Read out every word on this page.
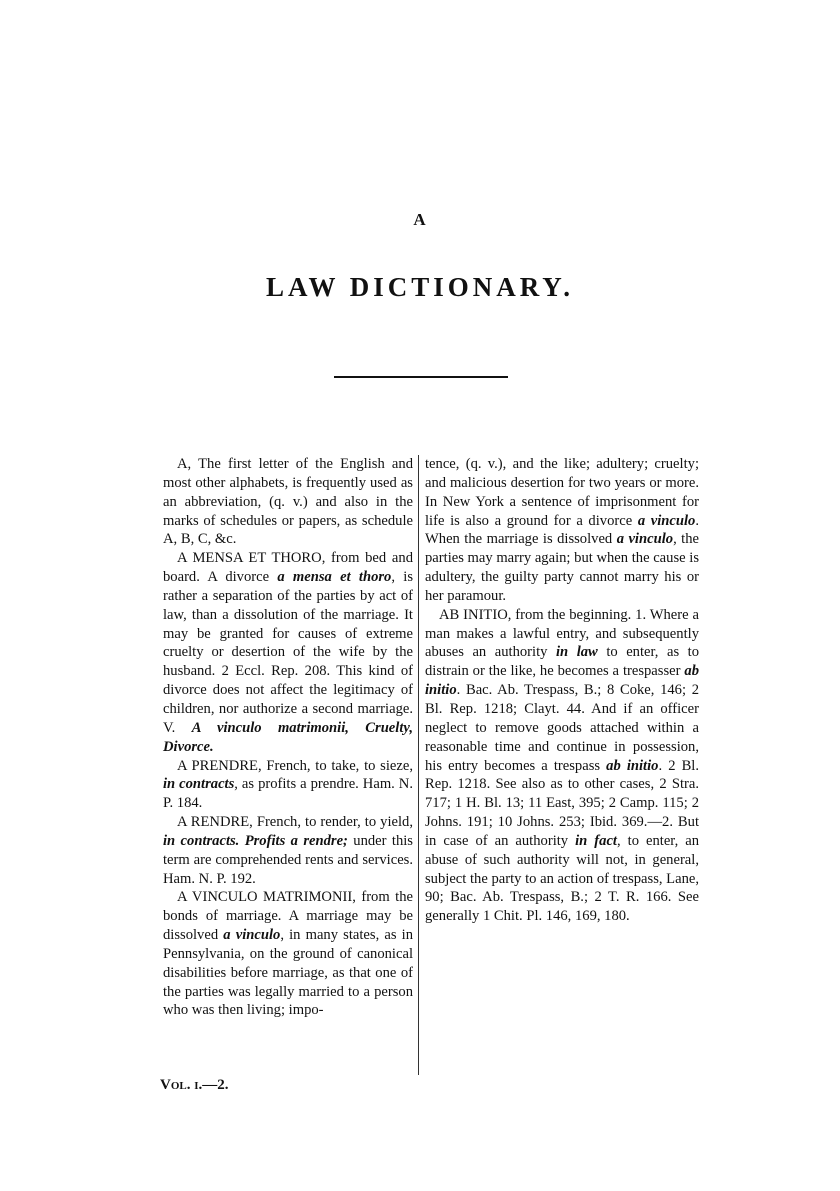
A
LAW DICTIONARY.

A, The first letter of the English and most other alphabets, is frequently used as an abbreviation, (q. v.) and also in the marks of schedules or papers, as schedule A, B, C, &c.

A MENSA ET THORO, from bed and board. A divorce a mensa et thoro, is rather a separation of the parties by act of law, than a dissolution of the marriage. It may be granted for causes of extreme cruelty or desertion of the wife by the husband. 2 Eccl. Rep. 208. This kind of divorce does not affect the legitimacy of children, nor authorize a second marriage. V. A vinculo matrimonii, Cruelty, Divorce.

A PRENDRE, French, to take, to sieze, in contracts, as profits a prendre. Ham. N. P. 184.

A RENDRE, French, to render, to yield, in contracts. Profits a rendre; under this term are comprehended rents and services. Ham. N. P. 192.

A VINCULO MATRIMONII, from the bonds of marriage. A marriage may be dissolved a vinculo, in many states, as in Pennsylvania, on the ground of canonical disabilities before marriage, as that one of the parties was legally married to a person who was then living; impo-

tence, (q. v.), and the like; adultery; cruelty; and malicious desertion for two years or more. In New York a sentence of imprisonment for life is also a ground for a divorce a vinculo. When the marriage is dissolved a vinculo, the parties may marry again; but when the cause is adultery, the guilty party cannot marry his or her paramour.

AB INITIO, from the beginning. 1. Where a man makes a lawful entry, and subsequently abuses an authority in law to enter, as to distrain or the like, he becomes a trespasser ab initio. Bac. Ab. Trespass, B.; 8 Coke, 146; 2 Bl. Rep. 1218; Clayt. 44. And if an officer neglect to remove goods attached within a reasonable time and continue in possession, his entry becomes a trespass ab initio. 2 Bl. Rep. 1218. See also as to other cases, 2 Stra. 717; 1 H. Bl. 13; 11 East, 395; 2 Camp. 115; 2 Johns. 191; 10 Johns. 253; Ibid. 369.—2. But in case of an authority in fact, to enter, an abuse of such authority will not, in general, subject the party to an action of trespass, Lane, 90; Bac. Ab. Trespass, B.; 2 T. R. 166. See generally 1 Chit. Pl. 146, 169, 180.

Vol. i.—2.
